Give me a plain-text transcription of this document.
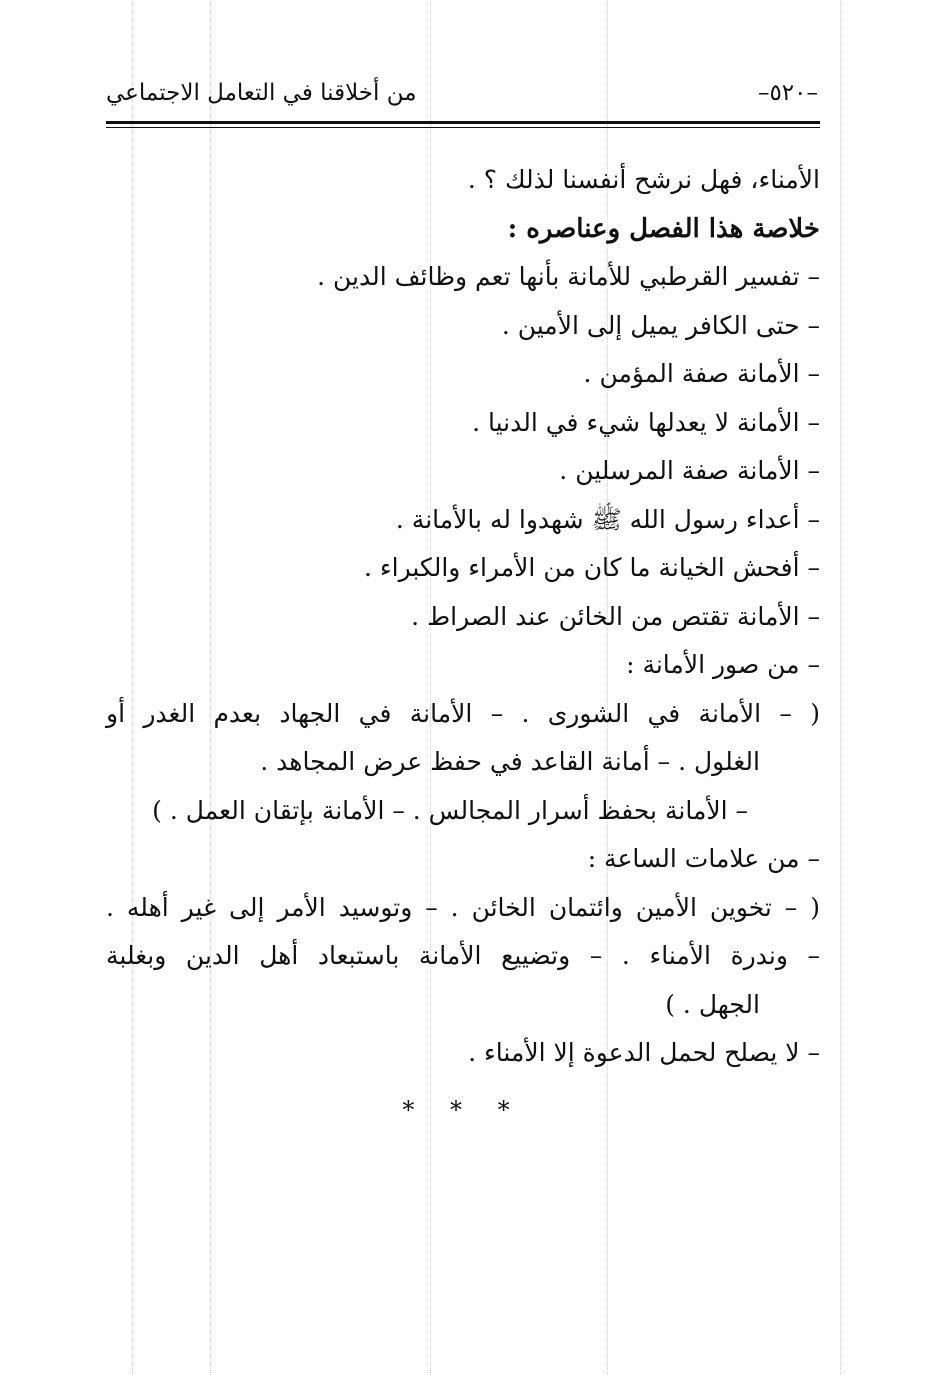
من أخلاقنا في التعامل الاجتماعي	–٥٢٠–
الأمناء، فهل نرشح أنفسنا لذلك ؟ .
خلاصة هذا الفصل وعناصره :
– تفسير القرطبي للأمانة بأنها تعم وظائف الدين .
– حتى الكافر يميل إلى الأمين .
– الأمانة صفة المؤمن .
– الأمانة لا يعدلها شيء في الدنيا .
– الأمانة صفة المرسلين .
– أعداء رسول الله ﷺ شهدوا له بالأمانة .
– أفحش الخيانة ما كان من الأمراء والكبراء .
– الأمانة تقتص من الخائن عند الصراط .
– من صور الأمانة :
( – الأمانة في الشورى . – الأمانة في الجهاد بعدم الغدر أو
الغلول . – أمانة القاعد في حفظ عرض المجاهد .
– الأمانة بحفظ أسرار المجالس . – الأمانة بإتقان العمل . )
– من علامات الساعة :
( – تخوين الأمين وائتمان الخائن . – وتوسيد الأمر إلى غير أهله .
– وندرة الأمناء . – وتضييع الأمانة باستبعاد أهل الدين وبغلبة
الجهل . )
– لا يصلح لحمل الدعوة إلا الأمناء .
* * *
